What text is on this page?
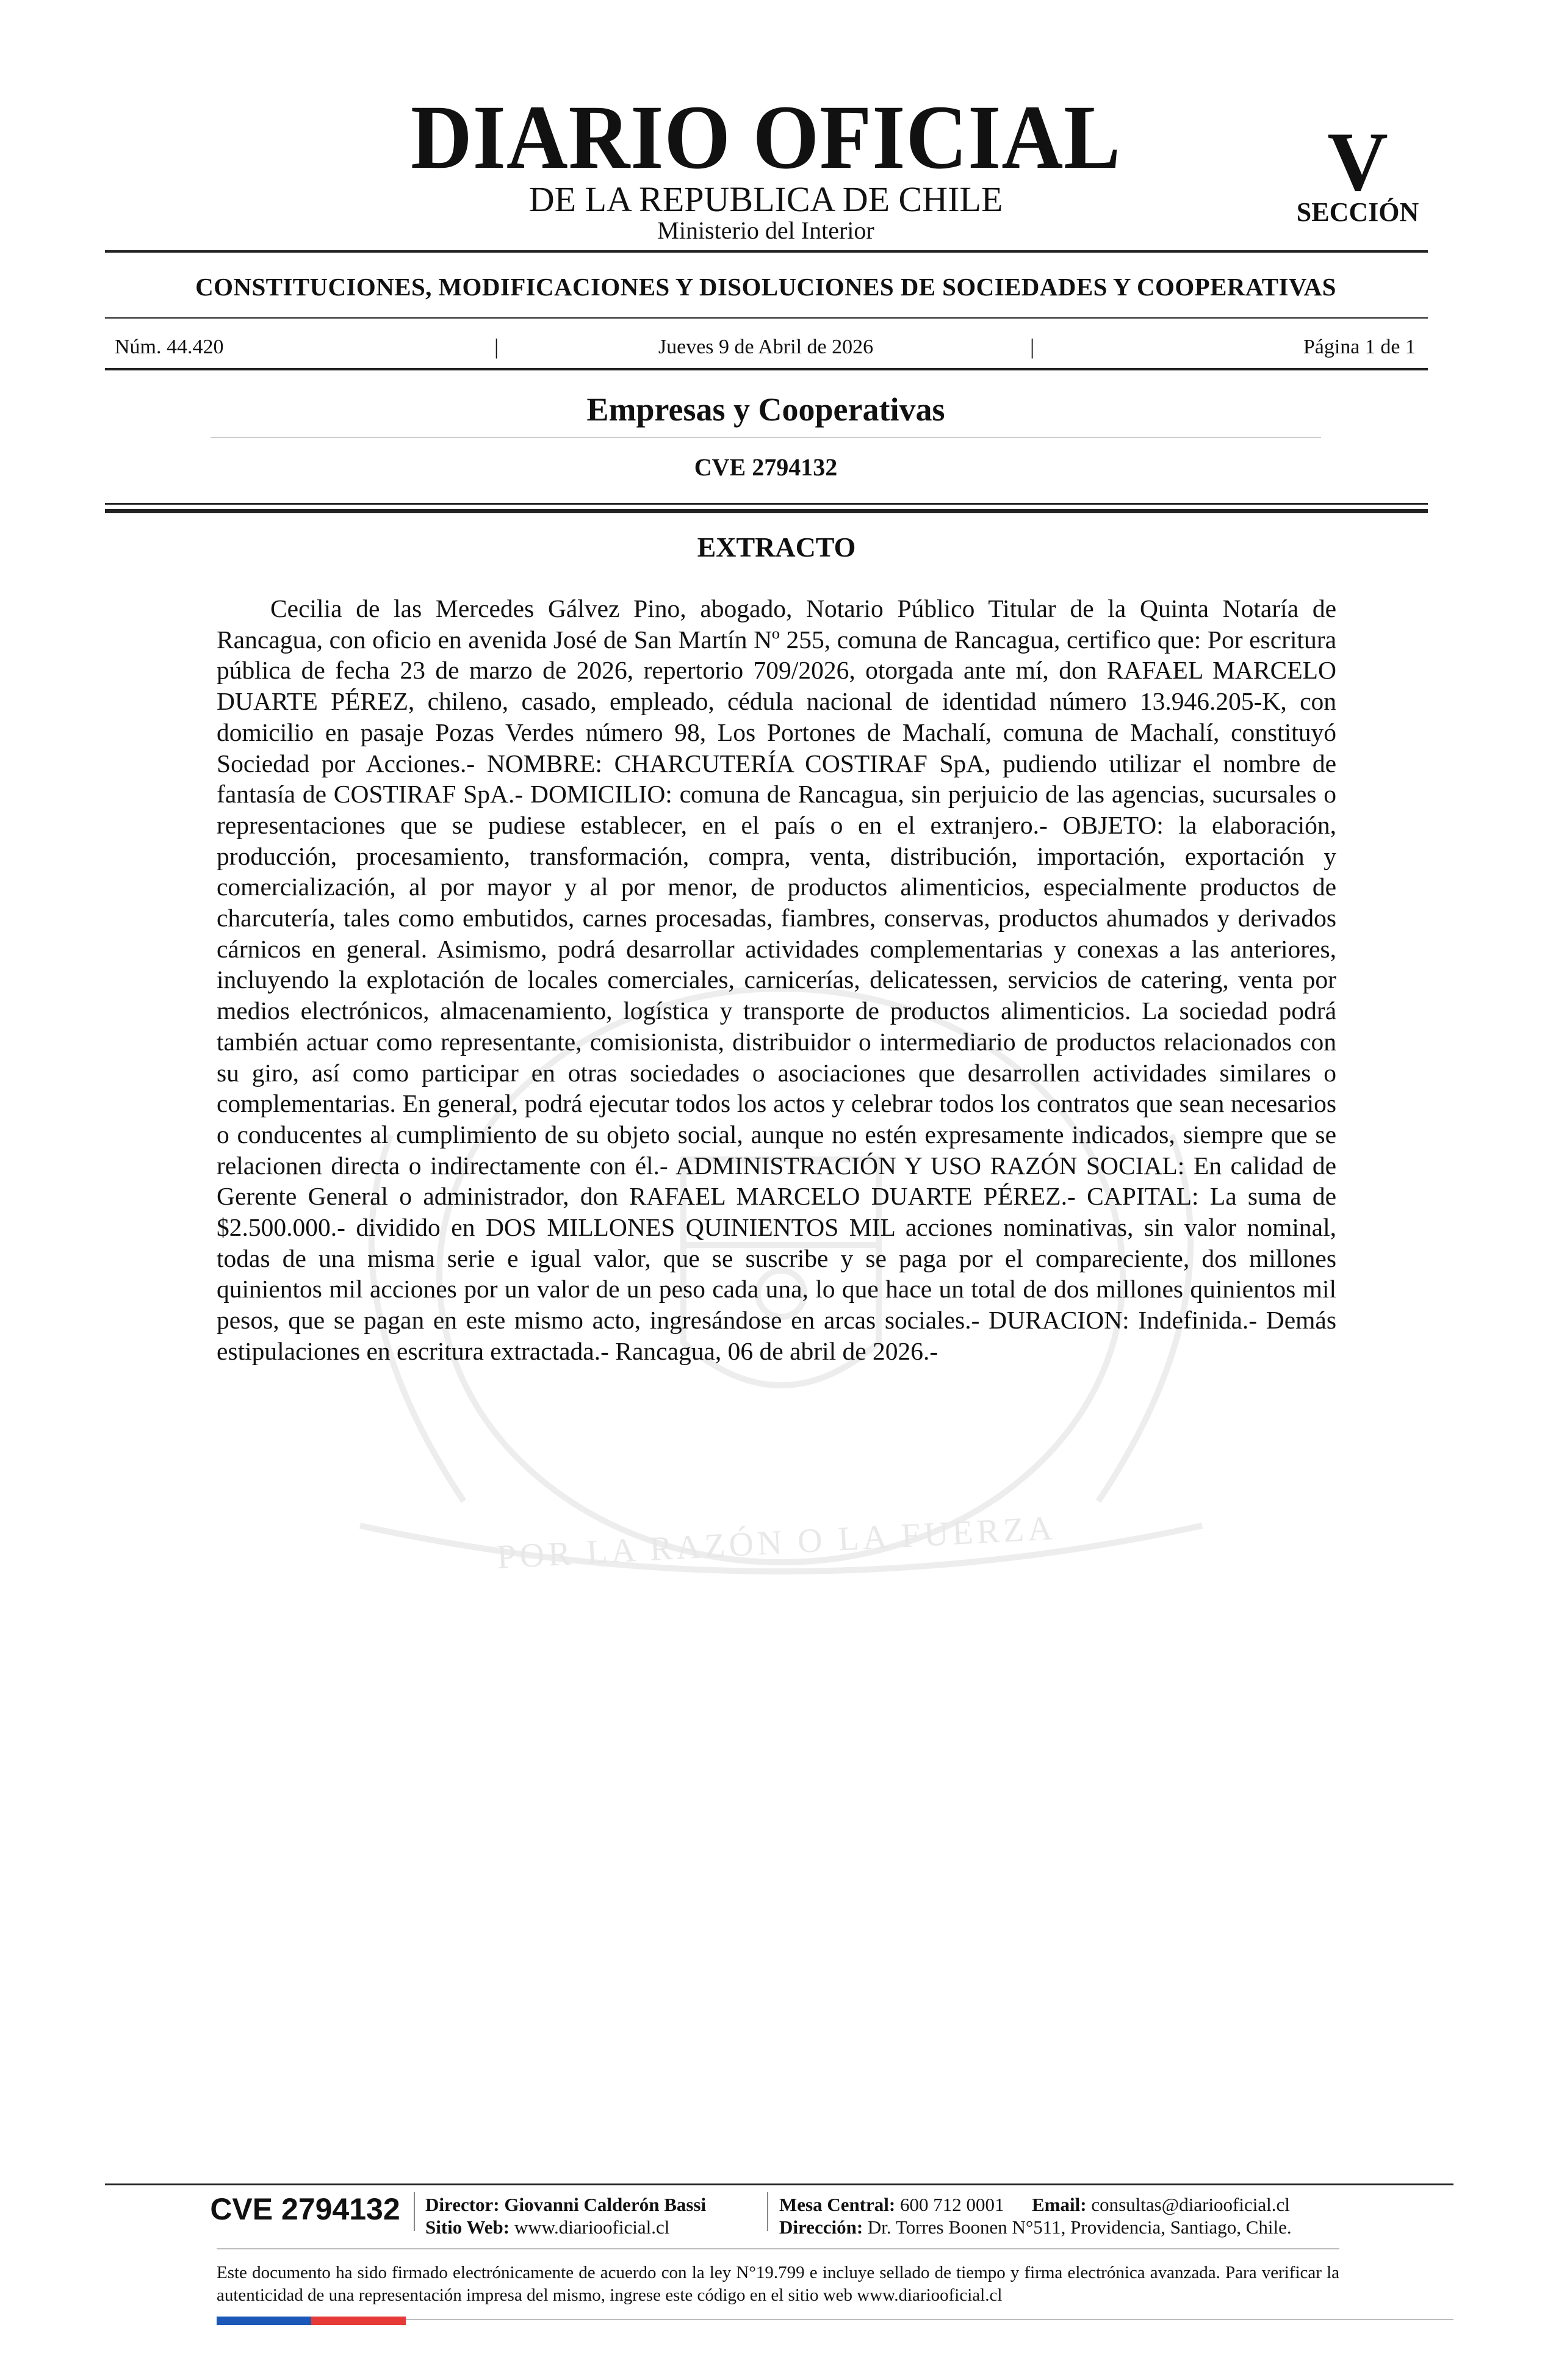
DIARIO OFICIAL
DE LA REPUBLICA DE CHILE
Ministerio del Interior
V
SECCIÓN
CONSTITUCIONES, MODIFICACIONES Y DISOLUCIONES DE SOCIEDADES Y COOPERATIVAS
Núm. 44.420	|	Jueves 9 de Abril de 2026	|	Página 1 de 1
Empresas y Cooperativas
CVE 2794132
POR LA RAZÓN O LA FUERZA
EXTRACTO

Cecilia de las Mercedes Gálvez Pino, abogado, Notario Público Titular de la Quinta Notaría de Rancagua, con oficio en avenida José de San Martín Nº 255, comuna de Rancagua, certifico que: Por escritura pública de fecha 23 de marzo de 2026, repertorio 709/2026, otorgada ante mí, don RAFAEL MARCELO DUARTE PÉREZ, chileno, casado, empleado, cédula nacional de identidad número 13.946.205-K, con domicilio en pasaje Pozas Verdes número 98, Los Portones de Machalí, comuna de Machalí, constituyó Sociedad por Acciones.- NOMBRE: CHARCUTERÍA COSTIRAF SpA, pudiendo utilizar el nombre de fantasía de COSTIRAF SpA.- DOMICILIO: comuna de Rancagua, sin perjuicio de las agencias, sucursales o representaciones que se pudiese establecer, en el país o en el extranjero.- OBJETO: la elaboración, producción, procesamiento, transformación, compra, venta, distribución, importación, exportación y comercialización, al por mayor y al por menor, de productos alimenticios, especialmente productos de charcutería, tales como embutidos, carnes procesadas, fiambres, conservas, productos ahumados y derivados cárnicos en general. Asimismo, podrá desarrollar actividades complementarias y conexas a las anteriores, incluyendo la explotación de locales comerciales, carnicerías, delicatessen, servicios de catering, venta por medios electrónicos, almacenamiento, logística y transporte de productos alimenticios. La sociedad podrá también actuar como representante, comisionista, distribuidor o intermediario de productos relacionados con su giro, así como participar en otras sociedades o asociaciones que desarrollen actividades similares o complementarias. En general, podrá ejecutar todos los actos y celebrar todos los contratos que sean necesarios o conducentes al cumplimiento de su objeto social, aunque no estén expresamente indicados, siempre que se relacionen directa o indirectamente con él.- ADMINISTRACIÓN Y USO RAZÓN SOCIAL: En calidad de Gerente General o administrador, don RAFAEL MARCELO DUARTE PÉREZ.- CAPITAL: La suma de $2.500.000.- dividido en DOS MILLONES QUINIENTOS MIL acciones nominativas, sin valor nominal, todas de una misma serie e igual valor, que se suscribe y se paga por el compareciente, dos millones quinientos mil acciones por un valor de un peso cada una, lo que hace un total de dos millones quinientos mil pesos, que se pagan en este mismo acto, ingresándose en arcas sociales.- DURACION: Indefinida.- Demás estipulaciones en escritura extractada.- Rancagua, 06 de abril de 2026.-

CVE 2794132	Director: Giovanni Calderón Bassi
Sitio Web: www.diariooficial.cl
Mesa Central: 600 712 0001 Email: consultas@diariooficial.cl
Dirección: Dr. Torres Boonen N°511, Providencia, Santiago, Chile.

Este documento ha sido firmado electrónicamente de acuerdo con la ley N°19.799 e incluye sellado de tiempo y firma electrónica avanzada. Para verificar la autenticidad de una representación impresa del mismo, ingrese este código en el sitio web www.diariooficial.cl
